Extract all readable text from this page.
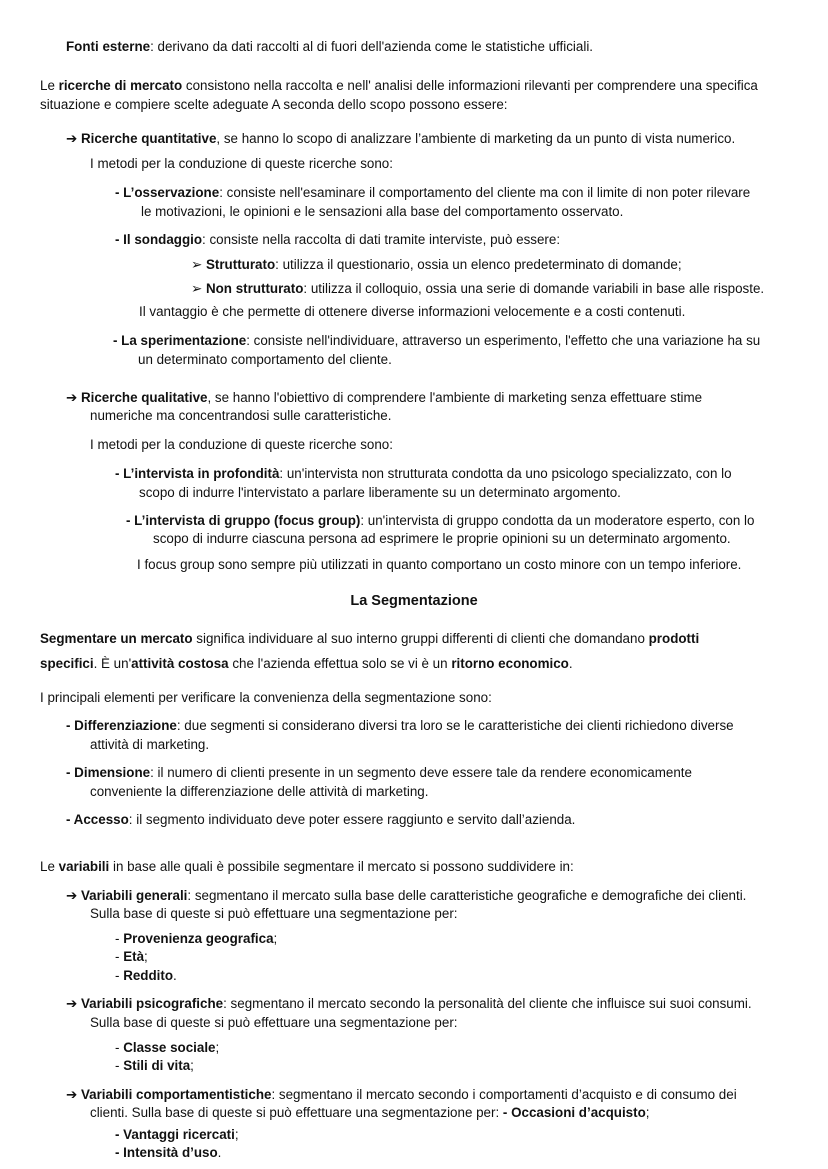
Fonti esterne: derivano da dati raccolti al di fuori dell'azienda come le statistiche ufficiali.
Le ricerche di mercato consistono nella raccolta e nell' analisi delle informazioni rilevanti per comprendere una specifica
situazione e compiere scelte adeguate A seconda dello scopo possono essere:
➔ Ricerche quantitative, se hanno lo scopo di analizzare l’ambiente di marketing da un punto di vista numerico.
I metodi per la conduzione di queste ricerche sono:
- L’osservazione: consiste nell'esaminare il comportamento del cliente ma con il limite di non poter rilevare
le motivazioni, le opinioni e le sensazioni alla base del comportamento osservato.
- Il sondaggio: consiste nella raccolta di dati tramite interviste, può essere:
➢ Strutturato: utilizza il questionario, ossia un elenco predeterminato di domande;
➢ Non strutturato: utilizza il colloquio, ossia una serie di domande variabili in base alle risposte.
Il vantaggio è che permette di ottenere diverse informazioni velocemente e a costi contenuti.
- La sperimentazione: consiste nell'individuare, attraverso un esperimento, l'effetto che una variazione ha su
un determinato comportamento del cliente.
➔ Ricerche qualitative, se hanno l'obiettivo di comprendere l'ambiente di marketing senza effettuare stime
numeriche ma concentrandosi sulle caratteristiche.
I metodi per la conduzione di queste ricerche sono:
- L’intervista in profondità: un'intervista non strutturata condotta da uno psicologo specializzato, con lo
scopo di indurre l'intervistato a parlare liberamente su un determinato argomento.
- L’intervista di gruppo (focus group): un'intervista di gruppo condotta da un moderatore esperto, con lo
scopo di indurre ciascuna persona ad esprimere le proprie opinioni su un determinato argomento.
I focus group sono sempre più utilizzati in quanto comportano un costo minore con un tempo inferiore.
La Segmentazione
Segmentare un mercato significa individuare al suo interno gruppi differenti di clienti che domandano prodotti
specifici. È un'attività costosa che l'azienda effettua solo se vi è un ritorno economico.
I principali elementi per verificare la convenienza della segmentazione sono:
- Differenziazione: due segmenti si considerano diversi tra loro se le caratteristiche dei clienti richiedono diverse
attività di marketing.
- Dimensione: il numero di clienti presente in un segmento deve essere tale da rendere economicamente
conveniente la differenziazione delle attività di marketing.
- Accesso: il segmento individuato deve poter essere raggiunto e servito dall’azienda.
Le variabili in base alle quali è possibile segmentare il mercato si possono suddividere in:
➔ Variabili generali: segmentano il mercato sulla base delle caratteristiche geografiche e demografiche dei clienti.
Sulla base di queste si può effettuare una segmentazione per:
- Provenienza geografica;
- Età;
- Reddito.
➔ Variabili psicografiche: segmentano il mercato secondo la personalità del cliente che influisce sui suoi consumi.
Sulla base di queste si può effettuare una segmentazione per:
- Classe sociale;
- Stili di vita;
➔ Variabili comportamentistiche: segmentano il mercato secondo i comportamenti d’acquisto e di consumo dei
clienti. Sulla base di queste si può effettuare una segmentazione per: - Occasioni d’acquisto;
- Vantaggi ricercati;
- Intensità d’uso.
